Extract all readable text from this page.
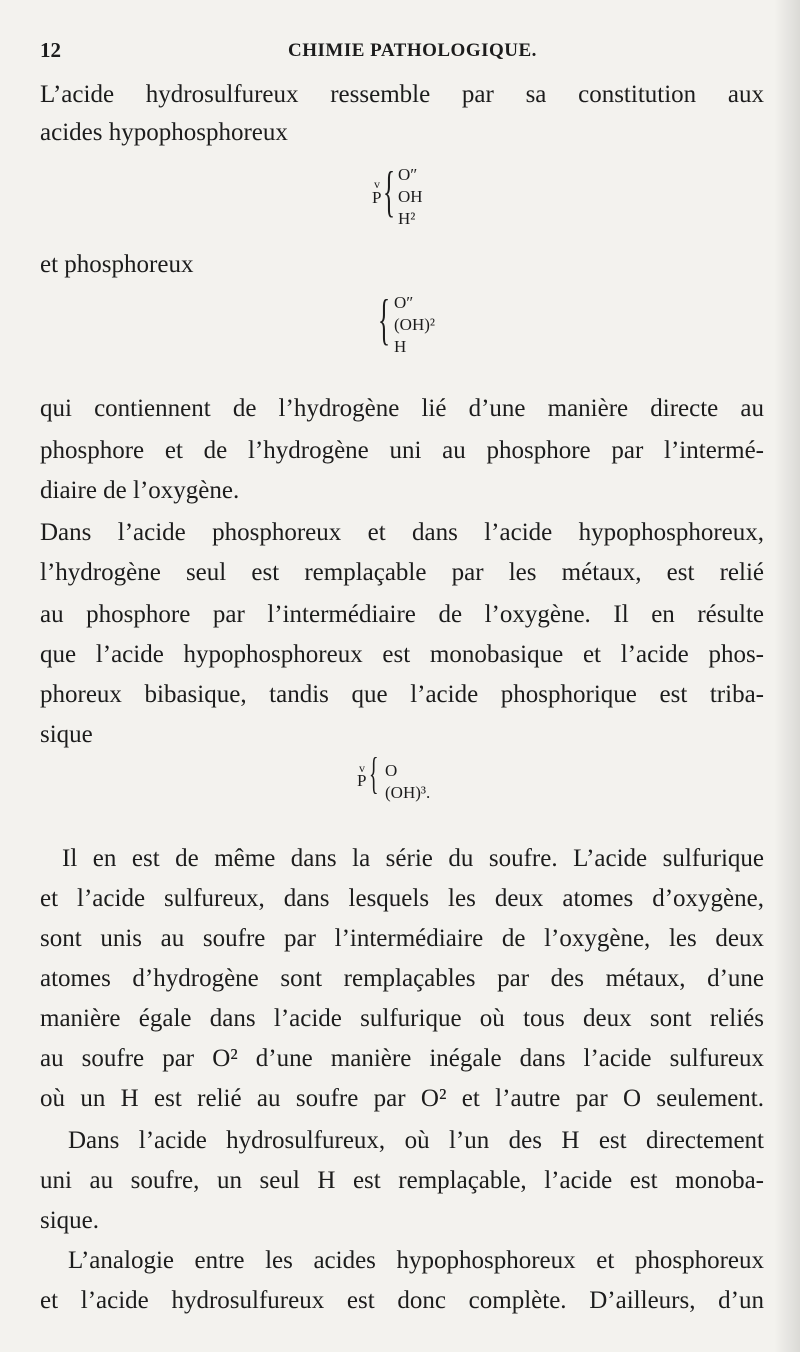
12	CHIMIE PATHOLOGIQUE.
L’acide hydrosulfureux ressemble par sa constitution aux
acides hypophosphoreux
v
P { O″
OH
H²
et phosphoreux
{ O″
(OH)²
H
qui contiennent de l’hydrogène lié d’une manière directe au
phosphore et de l’hydrogène uni au phosphore par l’intermé-
diaire de l’oxygène.
Dans l’acide phosphoreux et dans l’acide hypophosphoreux,
l’hydrogène seul est remplaçable par les métaux, est relié
au phosphore par l’intermédiaire de l’oxygène. Il en résulte
que l’acide hypophosphoreux est monobasique et l’acide phos-
phoreux bibasique, tandis que l’acide phosphorique est triba-
sique
v
P { O
(OH)³.
Il en est de même dans la série du soufre. L’acide sulfurique
et l’acide sulfureux, dans lesquels les deux atomes d’oxygène,
sont unis au soufre par l’intermédiaire de l’oxygène, les deux
atomes d’hydrogène sont remplaçables par des métaux, d’une
manière égale dans l’acide sulfurique où tous deux sont reliés
au soufre par O² d’une manière inégale dans l’acide sulfureux
où un H est relié au soufre par O² et l’autre par O seulement.
Dans l’acide hydrosulfureux, où l’un des H est directement
uni au soufre, un seul H est remplaçable, l’acide est monoba-
sique.
L’analogie entre les acides hypophosphoreux et phosphoreux
et l’acide hydrosulfureux est donc complète. D’ailleurs, d’un
